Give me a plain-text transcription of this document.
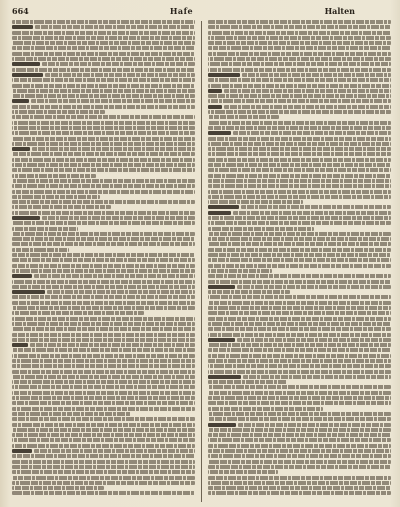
664	Hafe	Halten
